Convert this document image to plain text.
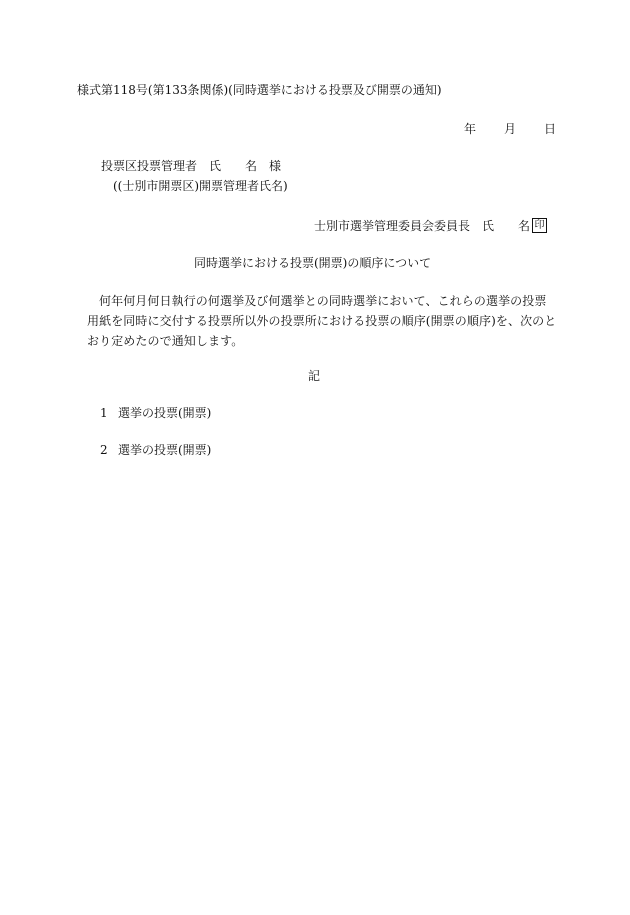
様式第118号(第133条関係)(同時選挙における投票及び開票の通知)
年 月 日
投票区投票管理者　氏　　名　様
((士別市開票区)開票管理者氏名)
士別市選挙管理委員会委員長　氏　　名 印
同時選挙における投票(開票)の順序について
何年何月何日執行の何選挙及び何選挙との同時選挙において、これらの選挙の投票用紙を同時に交付する投票所以外の投票所における投票の順序(開票の順序)を、次のとおり定めたので通知します。
記
1 選挙の投票(開票)
2 選挙の投票(開票)
